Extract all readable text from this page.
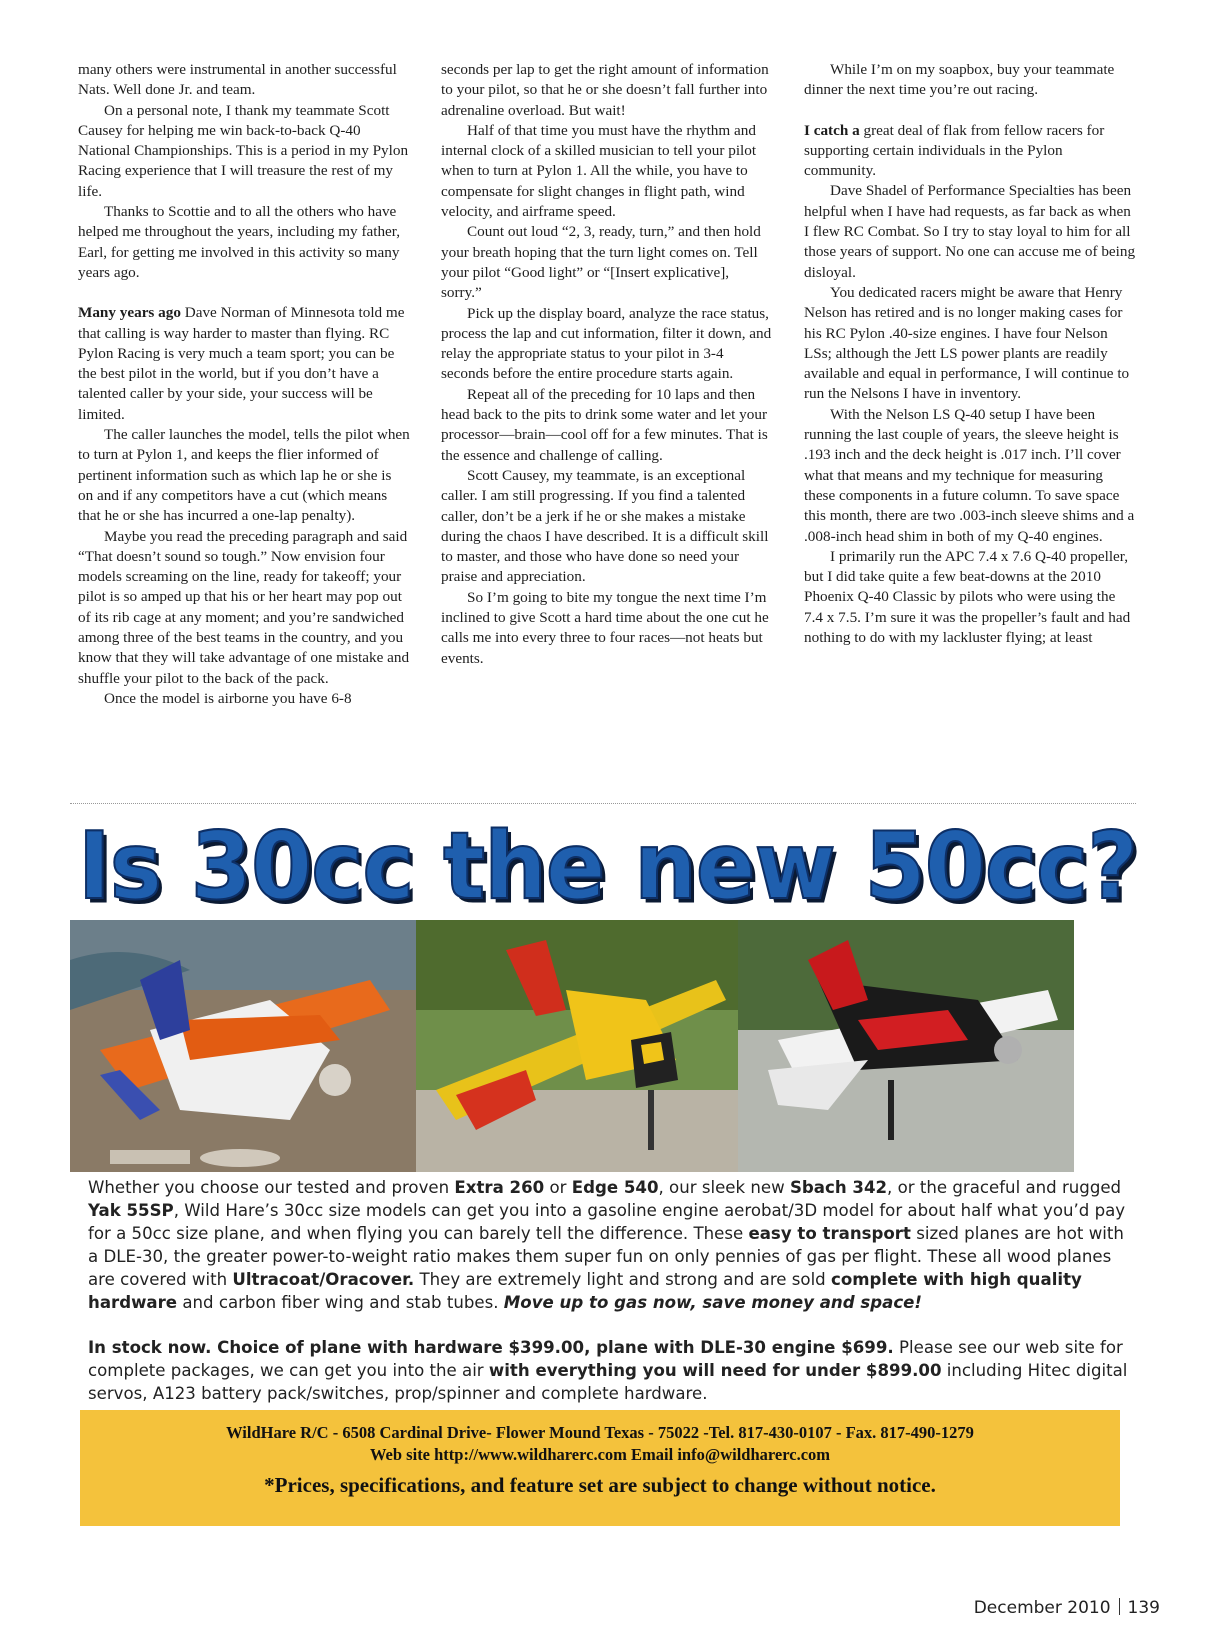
many others were instrumental in another successful Nats. Well done Jr. and team.

On a personal note, I thank my teammate Scott Causey for helping me win back-to-back Q-40 National Championships. This is a period in my Pylon Racing experience that I will treasure the rest of my life.

Thanks to Scottie and to all the others who have helped me throughout the years, including my father, Earl, for getting me involved in this activity so many years ago.

Many years ago Dave Norman of Minnesota told me that calling is way harder to master than flying. RC Pylon Racing is very much a team sport; you can be the best pilot in the world, but if you don’t have a talented caller by your side, your success will be limited.

The caller launches the model, tells the pilot when to turn at Pylon 1, and keeps the flier informed of pertinent information such as which lap he or she is on and if any competitors have a cut (which means that he or she has incurred a one-lap penalty).

Maybe you read the preceding paragraph and said “That doesn’t sound so tough.” Now envision four models screaming on the line, ready for takeoff; your pilot is so amped up that his or her heart may pop out of its rib cage at any moment; and you’re sandwiched among three of the best teams in the country, and you know that they will take advantage of one mistake and shuffle your pilot to the back of the pack.

Once the model is airborne you have 6-8

seconds per lap to get the right amount of information to your pilot, so that he or she doesn’t fall further into adrenaline overload. But wait!

Half of that time you must have the rhythm and internal clock of a skilled musician to tell your pilot when to turn at Pylon 1. All the while, you have to compensate for slight changes in flight path, wind velocity, and airframe speed.

Count out loud “2, 3, ready, turn,” and then hold your breath hoping that the turn light comes on. Tell your pilot “Good light” or “[Insert explicative], sorry.”

Pick up the display board, analyze the race status, process the lap and cut information, filter it down, and relay the appropriate status to your pilot in 3-4 seconds before the entire procedure starts again.

Repeat all of the preceding for 10 laps and then head back to the pits to drink some water and let your processor—brain—cool off for a few minutes. That is the essence and challenge of calling.

Scott Causey, my teammate, is an exceptional caller. I am still progressing. If you find a talented caller, don’t be a jerk if he or she makes a mistake during the chaos I have described. It is a difficult skill to master, and those who have done so need your praise and appreciation.

So I’m going to bite my tongue the next time I’m inclined to give Scott a hard time about the one cut he calls me into every three to four races—not heats but events.

While I’m on my soapbox, buy your teammate dinner the next time you’re out racing.

I catch a great deal of flak from fellow racers for supporting certain individuals in the Pylon community.

Dave Shadel of Performance Specialties has been helpful when I have had requests, as far back as when I flew RC Combat. So I try to stay loyal to him for all those years of support. No one can accuse me of being disloyal.

You dedicated racers might be aware that Henry Nelson has retired and is no longer making cases for his RC Pylon .40-size engines. I have four Nelson LSs; although the Jett LS power plants are readily available and equal in performance, I will continue to run the Nelsons I have in inventory.

With the Nelson LS Q-40 setup I have been running the last couple of years, the sleeve height is .193 inch and the deck height is .017 inch. I’ll cover what that means and my technique for measuring these components in a future column. To save space this month, there are two .003-inch sleeve shims and a .008-inch head shim in both of my Q-40 engines.

I primarily run the APC 7.4 x 7.6 Q-40 propeller, but I did take quite a few beat-downs at the 2010 Phoenix Q-40 Classic by pilots who were using the 7.4 x 7.5. I’m sure it was the propeller’s fault and had nothing to do with my lackluster flying; at least

Is 30cc the new 50cc?

Whether you choose our tested and proven Extra 260 or Edge 540, our sleek new Sbach 342, or the graceful and rugged Yak 55SP, Wild Hare’s 30cc size models can get you into a gasoline engine aerobat/3D model for about half what you’d pay for a 50cc size plane, and when flying you can barely tell the difference. These easy to transport sized planes are hot with a DLE-30, the greater power-to-weight ratio makes them super fun on only pennies of gas per flight. These all wood planes are covered with Ultracoat/Oracover. They are extremely light and strong and are sold complete with high quality hardware and carbon fiber wing and stab tubes. Move up to gas now, save money and space!

In stock now. Choice of plane with hardware $399.00, plane with DLE-30 engine $699. Please see our web site for complete packages, we can get you into the air with everything you will need for under $899.00 including Hitec digital servos, A123 battery pack/switches, prop/spinner and complete hardware.

WildHare R/C - 6508 Cardinal Drive- Flower Mound Texas - 75022 -Tel. 817-430-0107 - Fax. 817-490-1279
Web site http://www.wildharerc.com Email info@wildharerc.com
*Prices, specifications, and feature set are subject to change without notice.
December 2010 139
